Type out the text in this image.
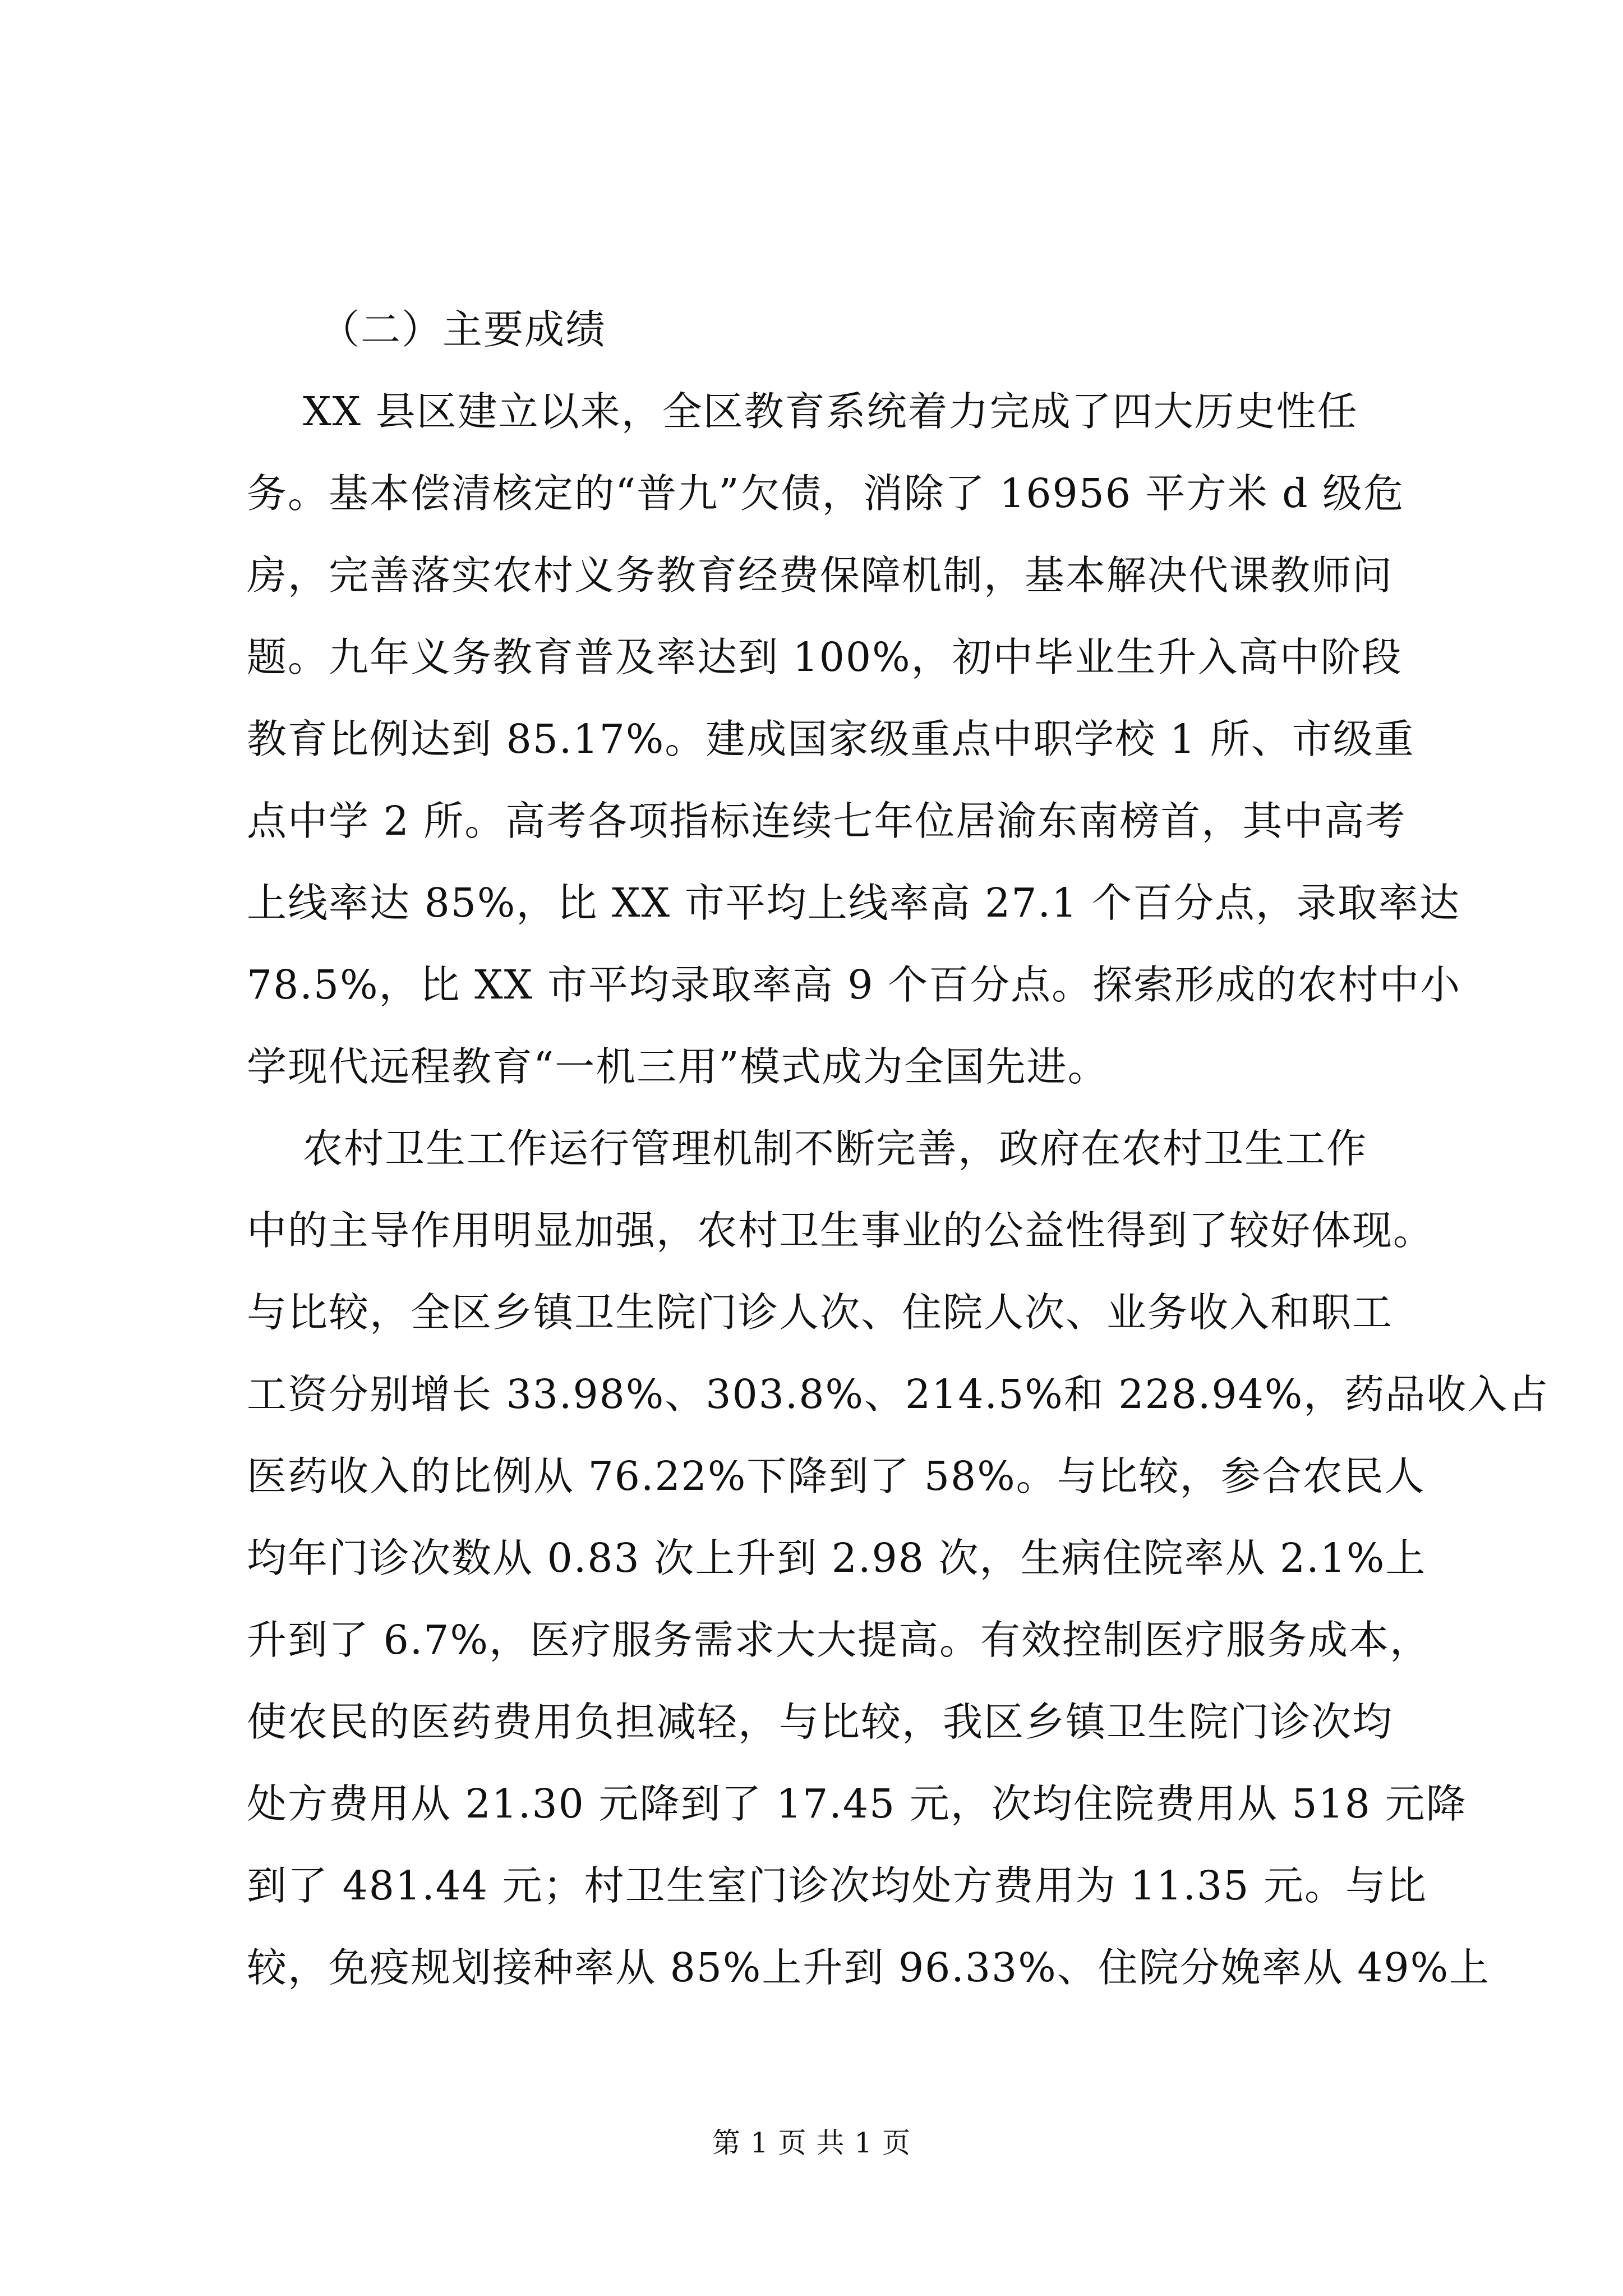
（二）主要成绩
XX 县区建立以来，全区教育系统着力完成了四大历史性任
务。基本偿清核定的“普九”欠债，消除了 16956 平方米 d 级危
房，完善落实农村义务教育经费保障机制，基本解决代课教师问
题。九年义务教育普及率达到 100%，初中毕业生升入高中阶段
教育比例达到 85.17%。建成国家级重点中职学校 1 所、市级重
点中学 2 所。高考各项指标连续七年位居渝东南榜首，其中高考
上线率达 85%，比 XX 市平均上线率高 27.1 个百分点，录取率达
78.5%，比 XX 市平均录取率高 9 个百分点。探索形成的农村中小
学现代远程教育“一机三用”模式成为全国先进。
农村卫生工作运行管理机制不断完善，政府在农村卫生工作
中的主导作用明显加强，农村卫生事业的公益性得到了较好体现。
与比较，全区乡镇卫生院门诊人次、住院人次、业务收入和职工
工资分别增长 33.98%、303.8%、214.5%和 228.94%，药品收入占
医药收入的比例从 76.22%下降到了 58%。与比较，参合农民人
均年门诊次数从 0.83 次上升到 2.98 次，生病住院率从 2.1%上
升到了 6.7%，医疗服务需求大大提高。有效控制医疗服务成本，
使农民的医药费用负担减轻，与比较，我区乡镇卫生院门诊次均
处方费用从 21.30 元降到了 17.45 元，次均住院费用从 518 元降
到了 481.44 元；村卫生室门诊次均处方费用为 11.35 元。与比
较，免疫规划接种率从 85%上升到 96.33%、住院分娩率从 49%上
第 1 页 共 1 页
